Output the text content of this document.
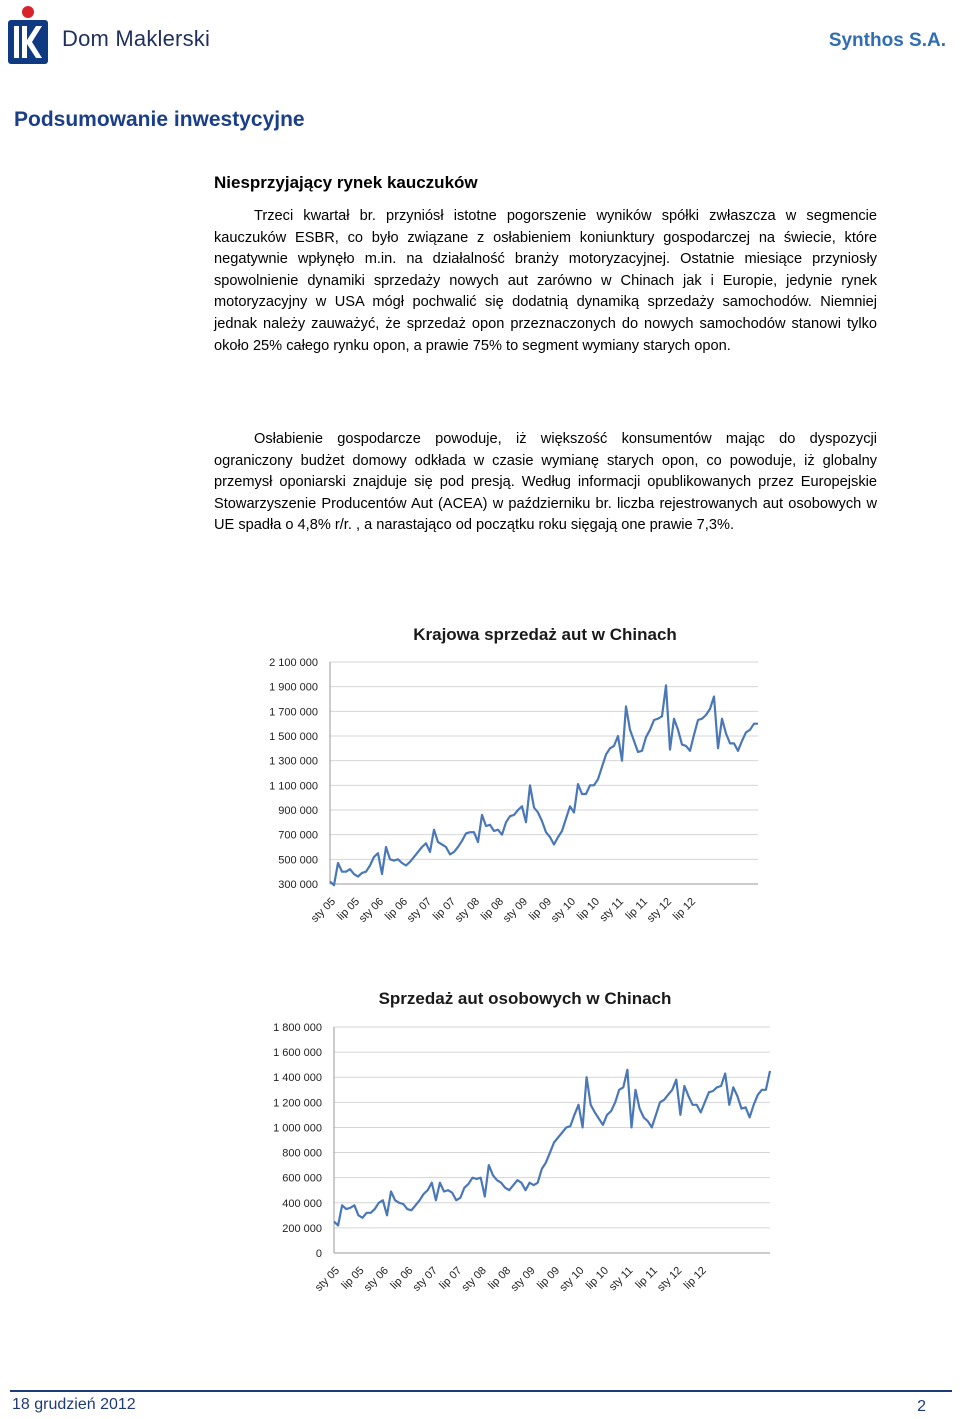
Dom Maklerski	Synthos S.A.
Podsumowanie inwestycyjne
Niesprzyjający rynek kauczuków

Trzeci kwartał br. przyniósł istotne pogorszenie wyników spółki zwłaszcza w segmencie kauczuków ESBR, co było związane z osłabieniem koniunktury gospodarczej na świecie, które negatywnie wpłynęło m.in. na działalność branży motoryzacyjnej. Ostatnie miesiące przyniosły spowolnienie dynamiki sprzedaży nowych aut zarówno w Chinach jak i Europie, jedynie rynek motoryzacyjny w USA mógł pochwalić się dodatnią dynamiką sprzedaży samochodów. Niemniej jednak należy zauważyć, że sprzedaż opon przeznaczonych do nowych samochodów stanowi tylko około 25% całego rynku opon, a prawie 75% to segment wymiany starych opon.

Osłabienie gospodarcze powoduje, iż większość konsumentów mając do dyspozycji ograniczony budżet domowy odkłada w czasie wymianę starych opon, co powoduje, iż globalny przemysł oponiarski znajduje się pod presją. Według informacji opublikowanych przez Europejskie Stowarzyszenie Producentów Aut (ACEA) w październiku br. liczba rejestrowanych aut osobowych w UE spadła o 4,8% r/r. , a narastająco od początku roku sięgają one prawie 7,3%.

Krajowa sprzedaż aut w Chinach
300 000
500 000
700 000
900 000
1 100 000
1 300 000
1 500 000
1 700 000
1 900 000
2 100 000
sty 05
lip 05
sty 06
lip 06
sty 07
lip 07
sty 08
lip 08
sty 09
lip 09
sty 10
lip 10
sty 11
lip 11
sty 12
lip 12
Sprzedaż aut osobowych w Chinach
0
200 000
400 000
600 000
800 000
1 000 000
1 200 000
1 400 000
1 600 000
1 800 000
sty 05
lip 05
sty 06
lip 06
sty 07
lip 07
sty 08
lip 08
sty 09
lip 09
sty 10
lip 10
sty 11
lip 11
sty 12
lip 12
18 grudzień 2012	2
